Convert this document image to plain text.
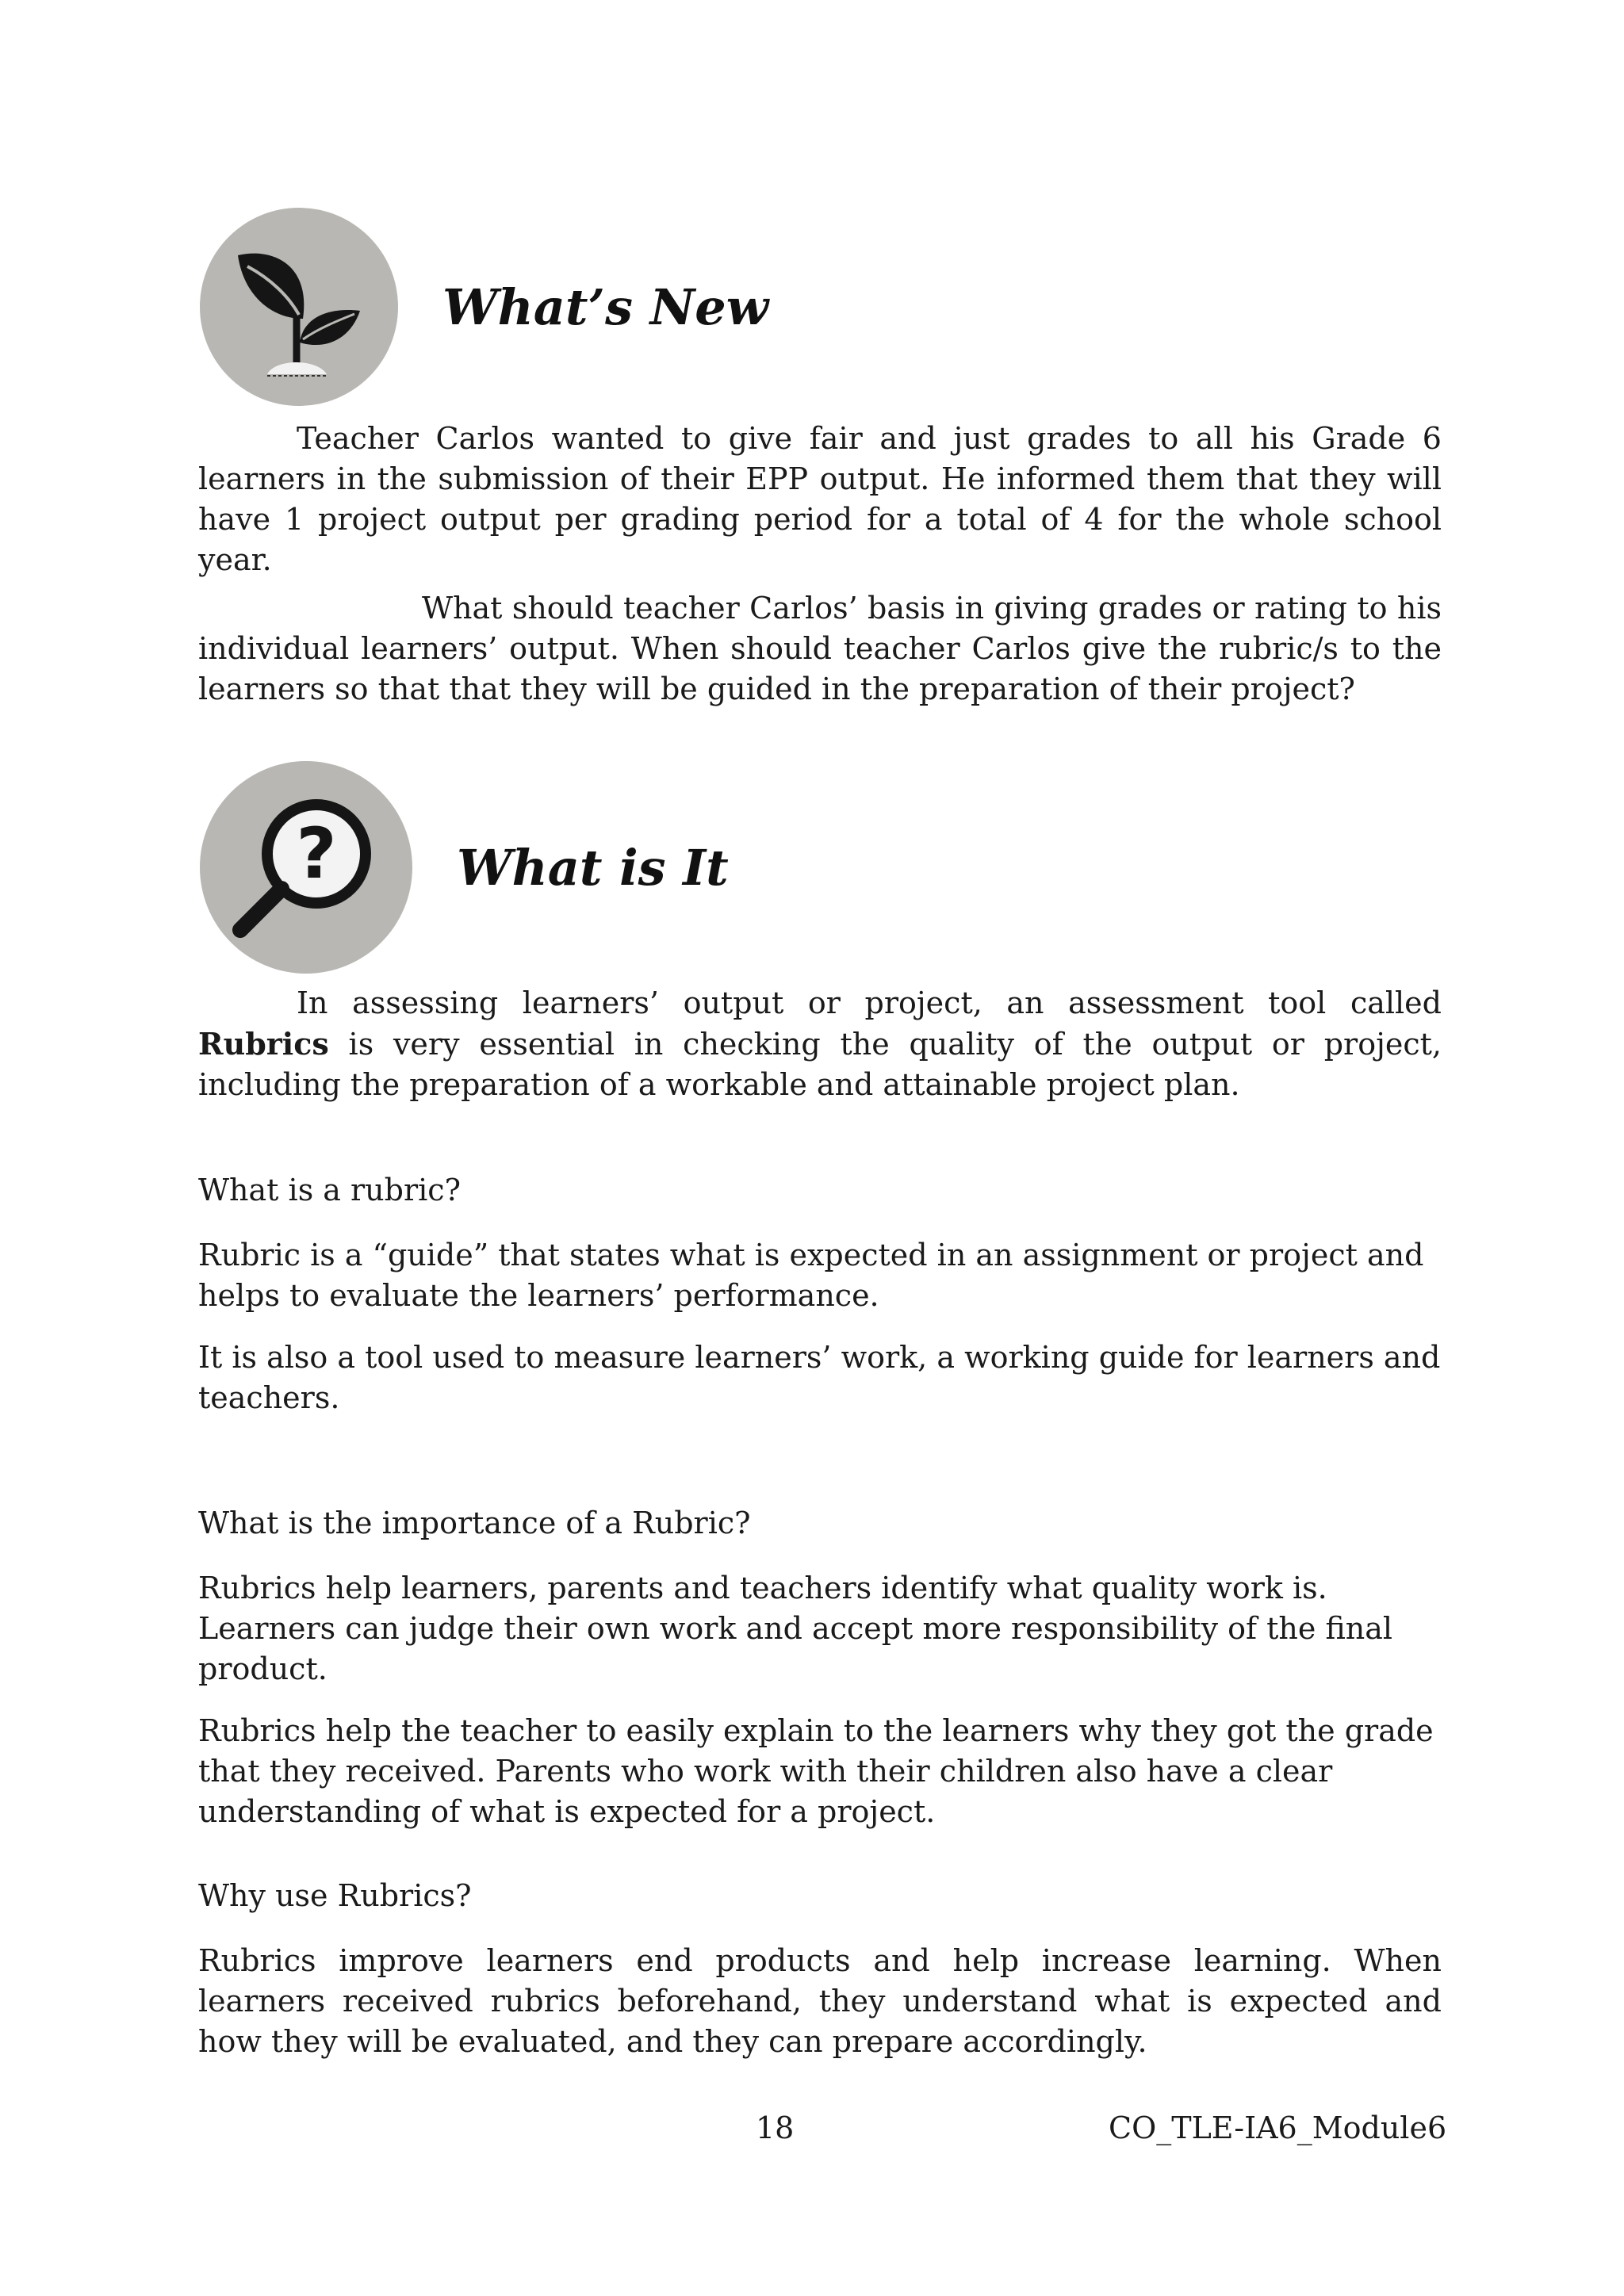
What’s New

Teacher Carlos wanted to give fair and just grades to all his Grade 6 learners in the submission of their EPP output. He informed them that they will have 1 project output per grading period for a total of 4 for the whole school year.

What should teacher Carlos’ basis in giving grades or rating to his individual learners’ output. When should teacher Carlos give the rubric/s to the learners so that that they will be guided in the preparation of their project?

? What is It

In assessing learners’ output or project, an assessment tool called Rubrics is very essential in checking the quality of the output or project, including the preparation of a workable and attainable project plan.

What is a rubric?

Rubric is a “guide” that states what is expected in an assignment or project and helps to evaluate the learners’ performance.

It is also a tool used to measure learners’ work, a working guide for learners and teachers.

What is the importance of a Rubric?

Rubrics help learners, parents and teachers identify what quality work is. Learners can judge their own work and accept more responsibility of the final product.

Rubrics help the teacher to easily explain to the learners why they got the grade that they received. Parents who work with their children also have a clear understanding of what is expected for a project.

Why use Rubrics?

Rubrics improve learners end products and help increase learning. When learners received rubrics beforehand, they understand what is expected and how they will be evaluated, and they can prepare accordingly.

18	CO_TLE-IA6_Module6
